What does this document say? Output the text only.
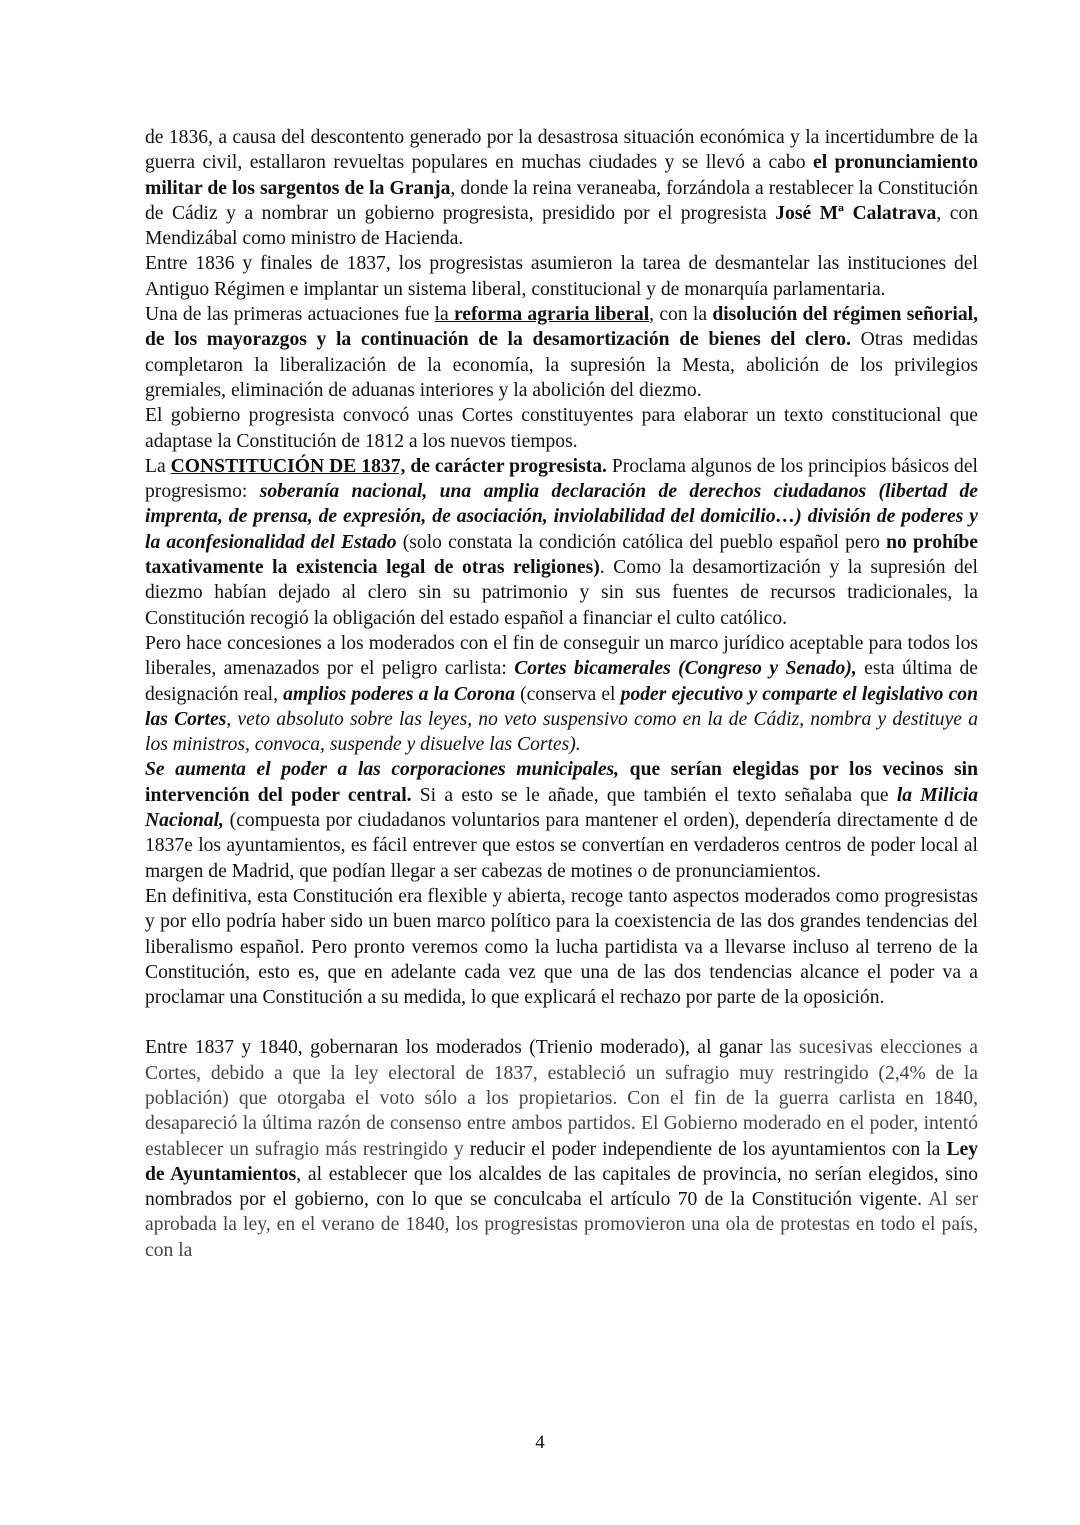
de 1836, a causa del descontento generado por la desastrosa situación económica y la incertidumbre de la guerra civil, estallaron revueltas populares en muchas ciudades y se llevó a cabo el pronunciamiento militar de los sargentos de la Granja, donde la reina veraneaba, forzándola a restablecer la Constitución de Cádiz y a nombrar un gobierno progresista, presidido por el progresista José Mª Calatrava, con Mendizábal como ministro de Hacienda.

Entre 1836 y finales de 1837, los progresistas asumieron la tarea de desmantelar las instituciones del Antiguo Régimen e implantar un sistema liberal, constitucional y de monarquía parlamentaria.

Una de las primeras actuaciones fue la reforma agraria liberal, con la disolución del régimen señorial, de los mayorazgos y la continuación de la desamortización de bienes del clero. Otras medidas completaron la liberalización de la economía, la supresión la Mesta, abolición de los privilegios gremiales, eliminación de aduanas interiores y la abolición del diezmo.

El gobierno progresista convocó unas Cortes constituyentes para elaborar un texto constitucional que adaptase la Constitución de 1812 a los nuevos tiempos.

La CONSTITUCIÓN DE 1837, de carácter progresista. Proclama algunos de los principios básicos del progresismo: soberanía nacional, una amplia declaración de derechos ciudadanos (libertad de imprenta, de prensa, de expresión, de asociación, inviolabilidad del domicilio…) división de poderes y la aconfesionalidad del Estado (solo constata la condición católica del pueblo español pero no prohíbe taxativamente la existencia legal de otras religiones). Como la desamortización y la supresión del diezmo habían dejado al clero sin su patrimonio y sin sus fuentes de recursos tradicionales, la Constitución recogió la obligación del estado español a financiar el culto católico.

Pero hace concesiones a los moderados con el fin de conseguir un marco jurídico aceptable para todos los liberales, amenazados por el peligro carlista: Cortes bicamerales (Congreso y Senado), esta última de designación real, amplios poderes a la Corona (conserva el poder ejecutivo y comparte el legislativo con las Cortes, veto absoluto sobre las leyes, no veto suspensivo como en la de Cádiz, nombra y destituye a los ministros, convoca, suspende y disuelve las Cortes).

Se aumenta el poder a las corporaciones municipales, que serían elegidas por los vecinos sin intervención del poder central. Si a esto se le añade, que también el texto señalaba que la Milicia Nacional, (compuesta por ciudadanos voluntarios para mantener el orden), dependería directamente d de 1837e los ayuntamientos, es fácil entrever que estos se convertían en verdaderos centros de poder local al margen de Madrid, que podían llegar a ser cabezas de motines o de pronunciamientos.

En definitiva, esta Constitución era flexible y abierta, recoge tanto aspectos moderados como progresistas y por ello podría haber sido un buen marco político para la coexistencia de las dos grandes tendencias del liberalismo español. Pero pronto veremos como la lucha partidista va a llevarse incluso al terreno de la Constitución, esto es, que en adelante cada vez que una de las dos tendencias alcance el poder va a proclamar una Constitución a su medida, lo que explicará el rechazo por parte de la oposición.

Entre 1837 y 1840, gobernaran los moderados (Trienio moderado), al ganar las sucesivas elecciones a Cortes, debido a que la ley electoral de 1837, estableció un sufragio muy restringido (2,4% de la población) que otorgaba el voto sólo a los propietarios. Con el fin de la guerra carlista en 1840, desapareció la última razón de consenso entre ambos partidos. El Gobierno moderado en el poder, intentó establecer un sufragio más restringido y reducir el poder independiente de los ayuntamientos con la Ley de Ayuntamientos, al establecer que los alcaldes de las capitales de provincia, no serían elegidos, sino nombrados por el gobierno, con lo que se conculcaba el artículo 70 de la Constitución vigente. Al ser aprobada la ley, en el verano de 1840, los progresistas promovieron una ola de protestas en todo el país, con la

4
